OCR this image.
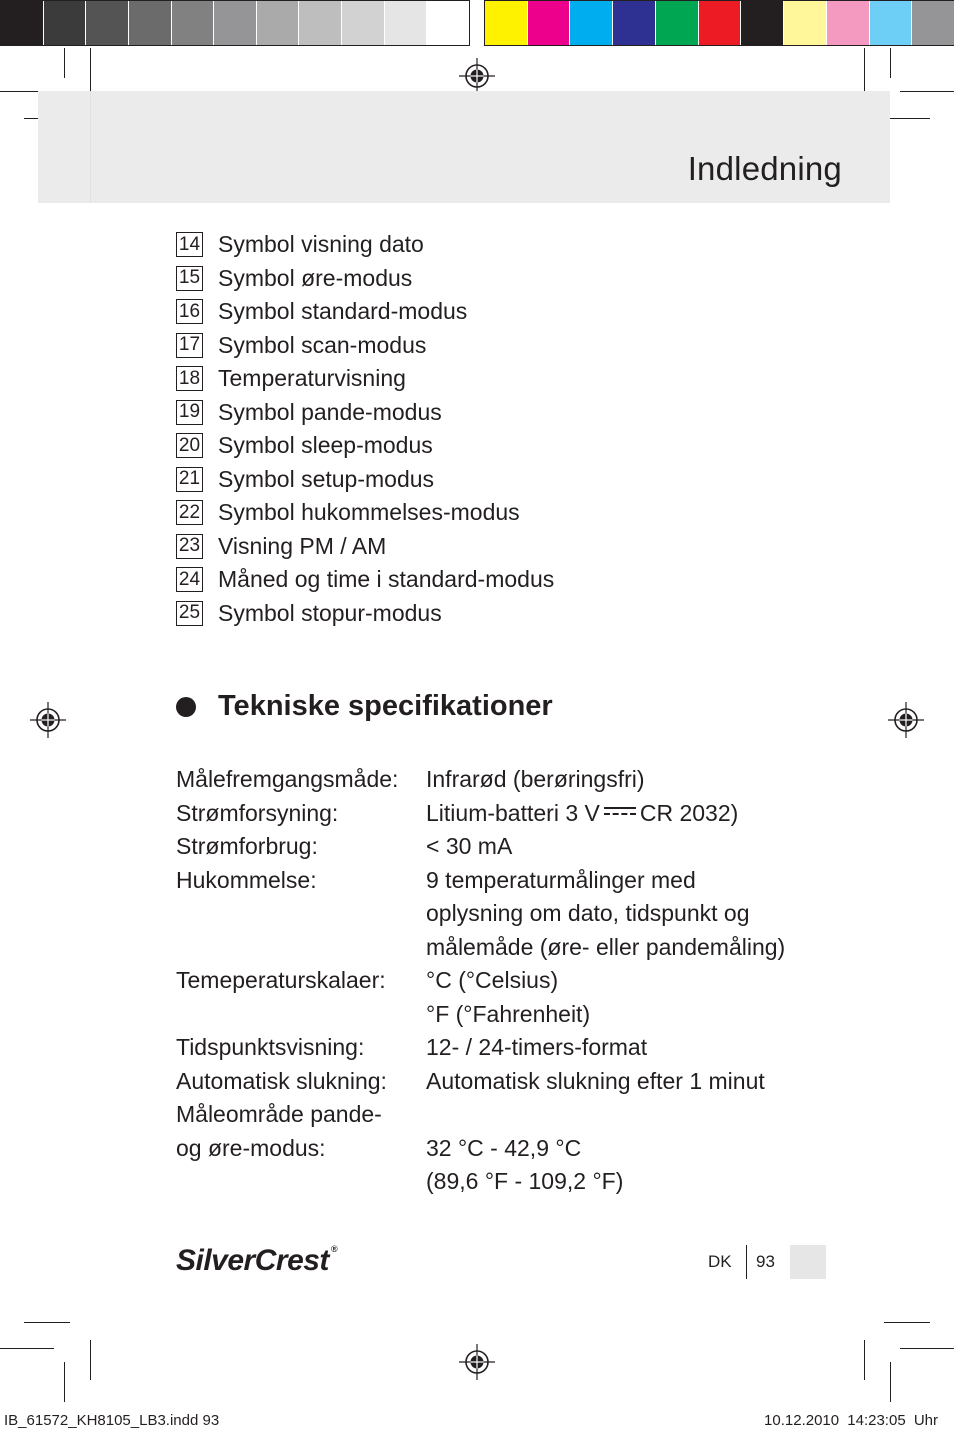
Indledning
14 Symbol visning dato
15 Symbol øre-modus
16 Symbol standard-modus
17 Symbol scan-modus
18 Temperaturvisning
19 Symbol pande-modus
20 Symbol sleep-modus
21 Symbol setup-modus
22 Symbol hukommelses-modus
23 Visning PM / AM
24 Måned og time i standard-modus
25 Symbol stopur-modus
Tekniske specifikationer
Målefremgangsmåde:	Infrarød (berøringsfri)
Strømforsyning:	Litium-batteri 3 V CR 2032)
Strømforbrug:	< 30 mA
Hukommelse:	9 temperaturmålinger med
oplysning om dato, tidspunkt og
målemåde (øre- eller pandemåling)
Temeperaturskalaer:	°C (°Celsius)
°F (°Fahrenheit)
Tidspunktsvisning:	12- / 24-timers-format
Automatisk slukning:	Automatisk slukning efter 1 minut
Måleområde pande-
og øre-modus:
	32 °C - 42,9 °C
(89,6 °F - 109,2 °F)
SilverCrest ®
DK 93
IB_61572_KH8105_LB3.indd 93	10.12.2010 14:23:05 Uhr
